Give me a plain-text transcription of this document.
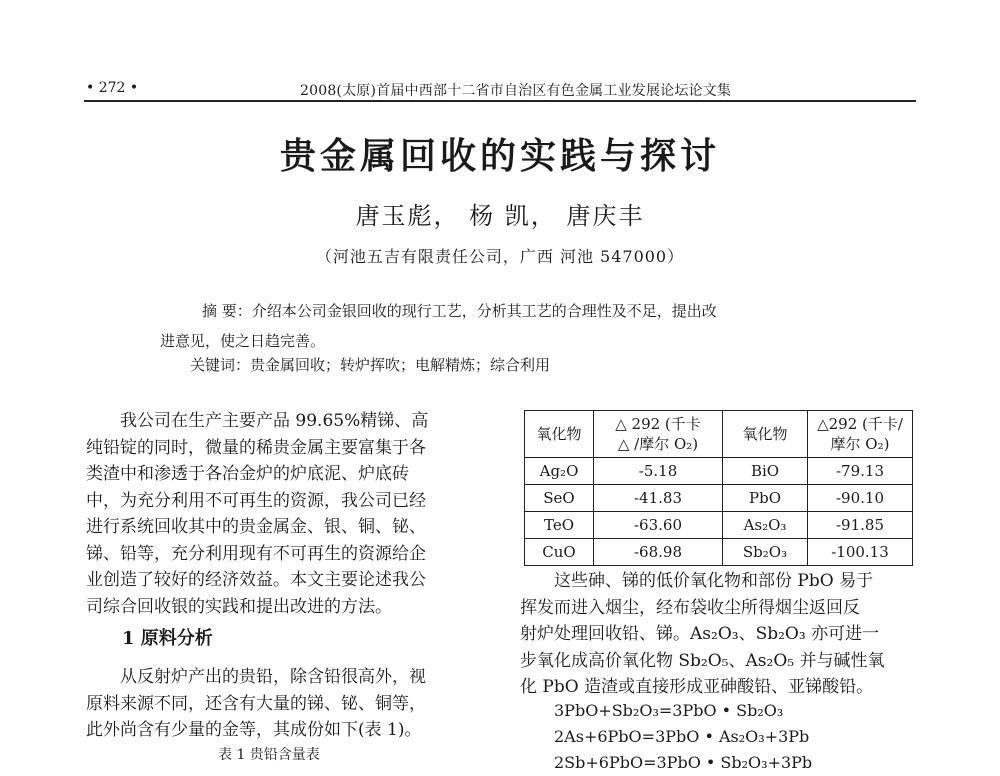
• 272 •	2008(太原)首届中西部十二省市自治区有色金属工业发展论坛论文集
贵金属回收的实践与探讨
唐玉彪， 杨 凯， 唐庆丰
（河池五吉有限责任公司，广西 河池 547000）
摘 要：介绍本公司金银回收的现行工艺，分析其工艺的合理性及不足，提出改
进意见，使之日趋完善。
关键词：贵金属回收；转炉挥吹；电解精炼；综合利用
我公司在生产主要产品 99.65%精锑、高
纯铅锭的同时，微量的稀贵金属主要富集于各
类渣中和渗透于各冶金炉的炉底泥、炉底砖
中，为充分利用不可再生的资源，我公司已经
进行系统回收其中的贵金属金、银、铜、铋、
锑、铅等，充分利用现有不可再生的资源给企
业创造了较好的经济效益。本文主要论述我公
司综合回收银的实践和提出改进的方法。
1 原料分析
从反射炉产出的贵铅，除含铅很高外，视
原料来源不同，还含有大量的锑、铋、铜等，
此外尚含有少量的金等，其成份如下(表 1)。
表 1 贵铅含量表
氧化物	△ 292 (千卡
△ /摩尔 O₂)	氧化物	△292 (千卡/
摩尔 O₂)
Ag₂O	-5.18	BiO	-79.13
SeO	-41.83	PbO	-90.10
TeO	-63.60	As₂O₃	-91.85
CuO	-68.98	Sb₂O₃	-100.13
这些砷、锑的低价氧化物和部份 PbO 易于
挥发而进入烟尘，经布袋收尘所得烟尘返回反
射炉处理回收铅、锑。As₂O₃、Sb₂O₃ 亦可进一
步氧化成高价氧化物 Sb₂O₅、As₂O₅ 并与碱性氧
化 PbO 造渣或直接形成亚砷酸铅、亚锑酸铅。
3PbO+Sb₂O₃=3PbO • Sb₂O₃
2As+6PbO=3PbO • As₂O₃+3Pb
2Sb+6PbO=3PbO • Sb₂O₃+3Pb
